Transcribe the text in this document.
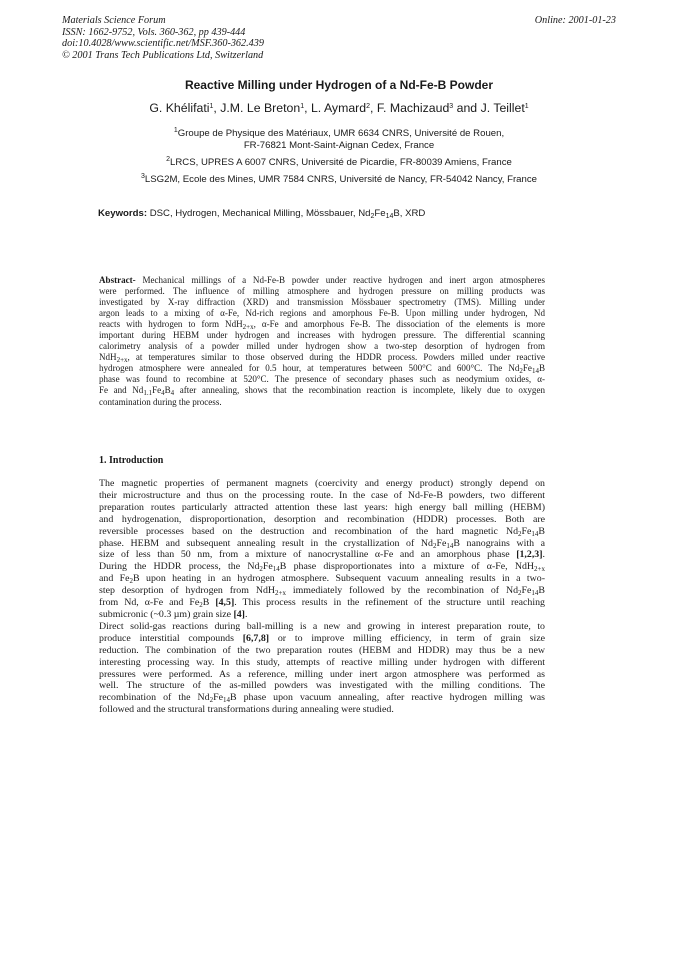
Materials Science Forum
ISSN: 1662-9752, Vols. 360-362, pp 439-444
doi:10.4028/www.scientific.net/MSF.360-362.439
© 2001 Trans Tech Publications Ltd, Switzerland
Online: 2001-01-23
Reactive Milling under Hydrogen of a Nd-Fe-B Powder
G. Khélifati$^1$, J.M. Le Breton$^1$, L. Aymard$^2$, F. Machizaud$^3$ and J. Teillet$^1$
$^1$Groupe de Physique des Matériaux, UMR 6634 CNRS, Université de Rouen,
FR-76821 Mont-Saint-Aignan Cedex, France
$^2$LRCS, UPRES A 6007 CNRS, Université de Picardie, FR-80039 Amiens, France
$^3$LSG2M, Ecole des Mines, UMR 7584 CNRS, Université de Nancy, FR-54042 Nancy, France
Keywords: DSC, Hydrogen, Mechanical Milling, Mössbauer, $Nd_2Fe_{14}B$, XRD
Abstract- Mechanical millings of a Nd-Fe-B powder under reactive hydrogen and inert argon atmospheres
were performed. The influence of milling atmosphere and hydrogen pressure on milling products was
investigated by X-ray diffraction (XRD) and transmission Mössbauer spectrometry (TMS). Milling under
argon leads to a mixing of α-Fe, Nd-rich regions and amorphous Fe-B. Upon milling under hydrogen, Nd
reacts with hydrogen to form NdH$_{2+x}$, α-Fe and amorphous Fe-B. The dissociation of the elements is more
important during HEBM under hydrogen and increases with hydrogen pressure. The differential scanning
calorimetry analysis of a powder milled under hydrogen show a two-step desorption of hydrogen from
NdH$_{2+x}$, at temperatures similar to those observed during the HDDR process. Powders milled under reactive
hydrogen atmosphere were annealed for 0.5 hour, at temperatures between 500°C and 600°C. The $Nd_2Fe_{14}B$
phase was found to recombine at 520°C. The presence of secondary phases such as neodymium oxides, α-
Fe and $Nd_{1.1}Fe_4B_4$ after annealing, shows that the recombination reaction is incomplete, likely due to oxygen
contamination during the process.
1. Introduction
The magnetic properties of permanent magnets (coercivity and energy product) strongly depend on
their microstructure and thus on the processing route. In the case of Nd-Fe-B powders, two different
preparation routes particularly attracted attention these last years: high energy ball milling (HEBM)
and hydrogenation, disproportionation, desorption and recombination (HDDR) processes. Both are
reversible processes based on the destruction and recombination of the hard magnetic $Nd_2Fe_{14}B$
phase. HEBM and subsequent annealing result in the crystallization of $Nd_2Fe_{14}B$ nanograins with a
size of less than 50 nm, from a mixture of nanocrystalline α-Fe and an amorphous phase [1,2,3].
During the HDDR process, the $Nd_2Fe_{14}B$ phase disproportionates into a mixture of α-Fe, NdH$_{2+x}$
and $Fe_2B$ upon heating in an hydrogen atmosphere. Subsequent vacuum annealing results in a two-
step desorption of hydrogen from NdH$_{2+x}$ immediately followed by the recombination of $Nd_2Fe_{14}B$
from Nd, α-Fe and $Fe_2B$ [4,5]. This process results in the refinement of the structure until reaching
submicronic (~0.3 µm) grain size [4].
Direct solid-gas reactions during ball-milling is a new and growing in interest preparation route, to
produce interstitial compounds [6,7,8] or to improve milling efficiency, in term of grain size
reduction. The combination of the two preparation routes (HEBM and HDDR) may thus be a new
interesting processing way. In this study, attempts of reactive milling under hydrogen with different
pressures were performed. As a reference, milling under inert argon atmosphere was performed as
well. The structure of the as-milled powders was investigated with the milling conditions. The
recombination of the $Nd_2Fe_{14}B$ phase upon vacuum annealing, after reactive hydrogen milling was
followed and the structural transformations during annealing were studied.
